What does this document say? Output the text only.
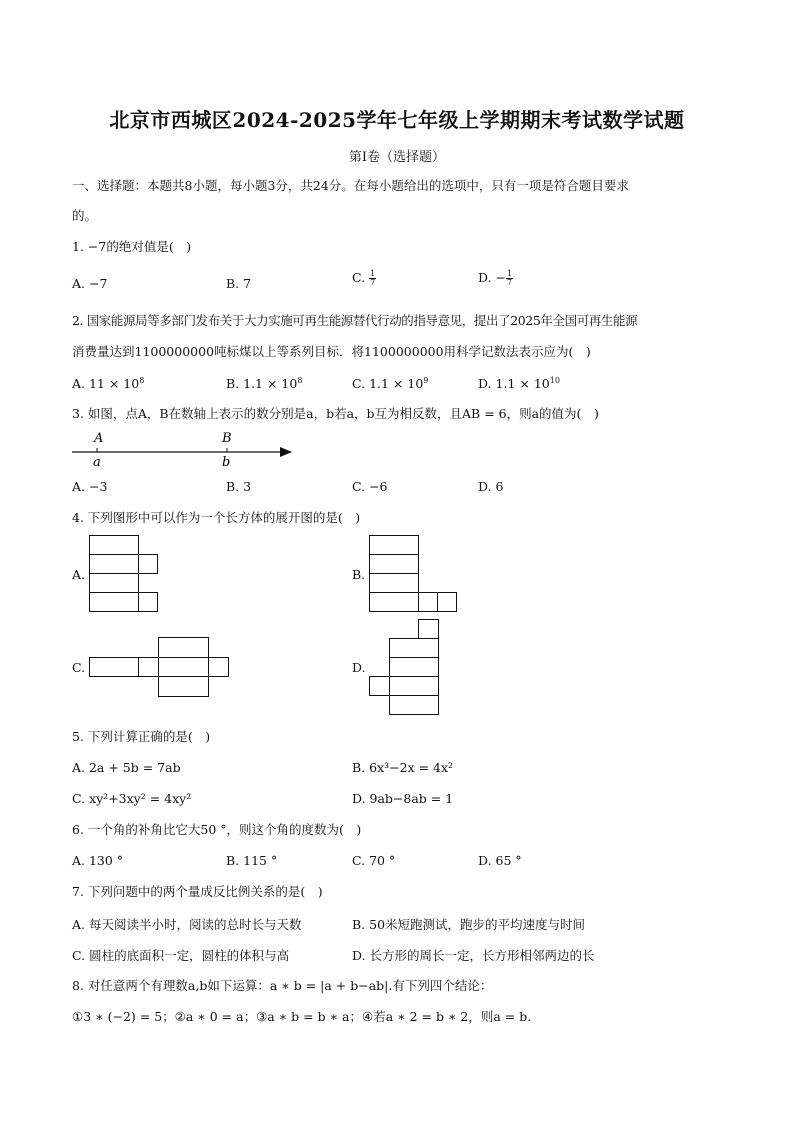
北京市西城区2024-2025学年七年级上学期期末考试数学试题
第I卷（选择题）
一、选择题：本题共8小题，每小题3分，共24分。在每小题给出的选项中，只有一项是符合题目要求
的。
1. −7的绝对值是(　)
A. −7	B. 7	C. $\frac{1}{7}$	D. − $\frac{1}{7}$
2. 国家能源局等多部门发布关于大力实施可再生能源替代行动的指导意见，提出了2025年全国可再生能源
消费量达到1100000000吨标煤以上等系列目标．将1100000000用科学记数法表示应为(　)
A. $11 \times 10^8$	B. $1.1 \times 10^8$	C. $1.1 \times 10^9$	D. $1.1 \times 10^{10}$
3. 如图，点A，B在数轴上表示的数分别是a，b若a，b互为相反数，且AB = 6，则a的值为(　)
A	B
a	b
A. −3	B. 3	C. −6	D. 6
4. 下列图形中可以作为一个长方体的展开图的是(　)
A.	B.
C.	D.
5. 下列计算正确的是(　)
A. 2a + 5b = 7ab	B. 6x³−2x = 4x²
C. xy²+3xy² = 4xy²	D. 9ab−8ab = 1
6. 一个角的补角比它大50 °，则这个角的度数为(　)
A. 130 °	B. 115 °	C. 70 °	D. 65 °
7. 下列问题中的两个量成反比例关系的是(　)
A. 每天阅读半小时，阅读的总时长与天数	B. 50米短跑测试，跑步的平均速度与时间
C. 圆柱的底面积一定，圆柱的体积与高	D. 长方形的周长一定，长方形相邻两边的长
8. 对任意两个有理数a,b如下运算：a ∗ b = |a + b−ab|.有下列四个结论：
①3 ∗ (−2) = 5；②a ∗ 0 = a；③a ∗ b = b ∗ a；④若a ∗ 2 = b ∗ 2，则a = b.
